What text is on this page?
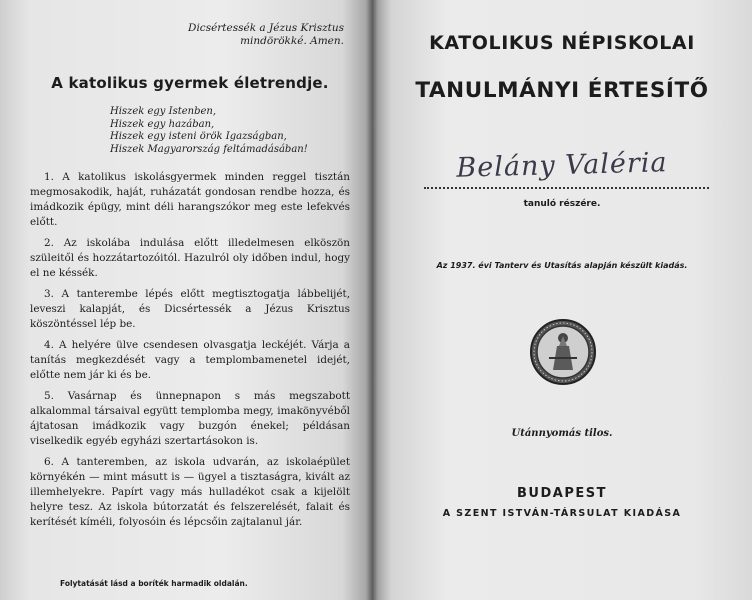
Dicsértessék a Jézus Krisztus
mindörökké. Amen.
A katolikus gyermek életrendje.
Hiszek egy Istenben,
Hiszek egy hazában,
Hiszek egy isteni örök Igazságban,
Hiszek Magyarország feltámadásában!

1. A katolikus iskolásgyermek minden reggel tisztán megmosakodik, haját, ruházatát gondosan rendbe hozza, és imádkozik épügy, mint déli harangszókor meg este lefekvés előtt.

2. Az iskolába indulása előtt illedelmesen elköszön szüleitől és hozzátartozóitól. Hazulról oly időben indul, hogy el ne késsék.

3. A tanterembe lépés előtt megtisztogatja lábbelijét, leveszi kalapját, és Dicsértessék a Jézus Krisztus köszöntéssel lép be.

4. A helyére ülve csendesen olvasgatja leckéjét. Várja a tanítás megkezdését vagy a templombamenetel idejét, előtte nem jár ki és be.

5. Vasárnap és ünnepnapon s más megszabott alkalommal társaival együtt templomba megy, imakönyvéből ájtatosan imádkozik vagy buzgón énekel; példásan viselkedik egyéb egyházi szertartásokon is.

6. A tanteremben, az iskola udvarán, az iskolaépület környékén — mint másutt is — ügyel a tisztaságra, kivált az illemhelyekre. Papírt vagy más hulladékot csak a kijelölt helyre tesz. Az iskola bútorzatát és felszerelését, falait és kerítését kíméli, folyosóin és lépcsőin zajtalanul jár.

Folytatását lásd a boríték harmadik oldalán.
KATOLIKUS NÉPISKOLAI
TANULMÁNYI ÉRTESÍTŐ
Belány Valéria
tanuló részére.
Az 1937. évi Tanterv és Utasítás alapján készült kiadás.
Utánnyomás tilos.
BUDAPEST
A SZENT ISTVÁN-TÁRSULAT KIADÁSA
